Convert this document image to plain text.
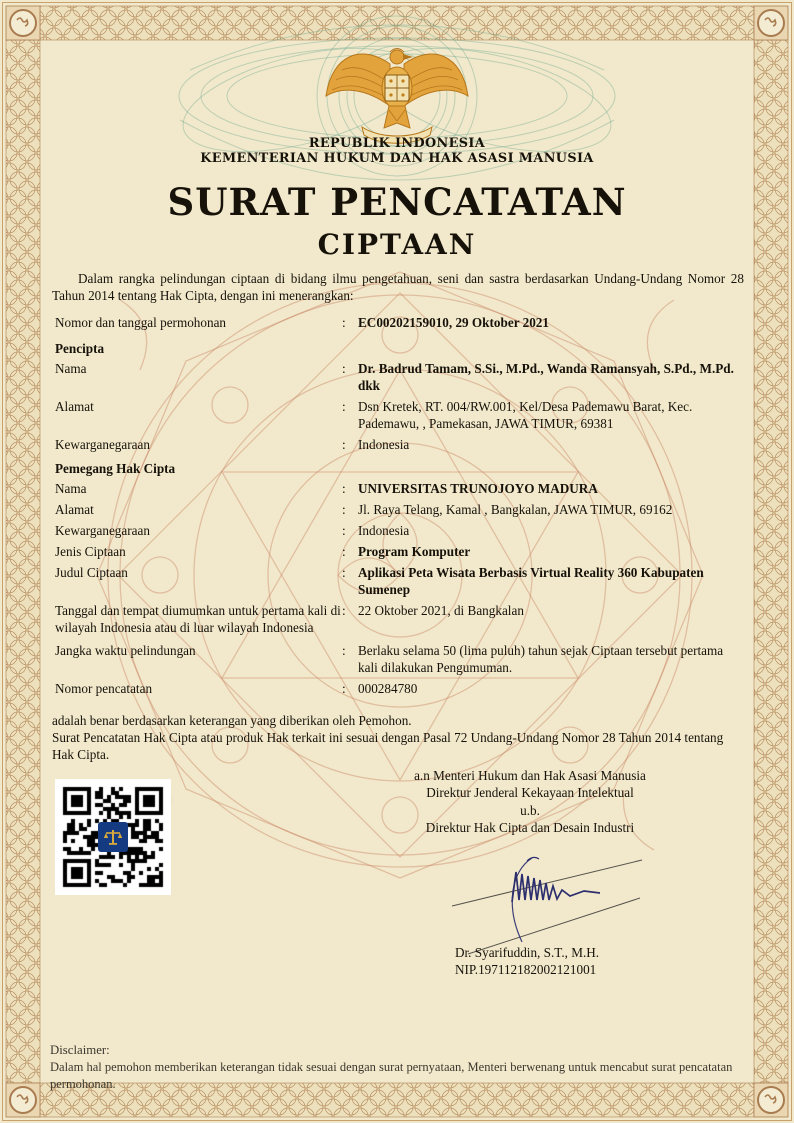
REPUBLIK INDONESIA
KEMENTERIAN HUKUM DAN HAK ASASI MANUSIA
SURAT PENCATATAN
CIPTAAN
Dalam rangka pelindungan ciptaan di bidang ilmu pengetahuan, seni dan sastra berdasarkan Undang-Undang Nomor 28 Tahun 2014 tentang Hak Cipta, dengan ini menerangkan:
Nomor dan tanggal permohonan	: EC00202159010, 29 Oktober 2021
Pencipta
Nama	: Dr. Badrud Tamam, S.Si., M.Pd., Wanda Ramansyah, S.Pd., M.Pd. dkk
Alamat	: Dsn Kretek, RT. 004/RW.001, Kel/Desa Pademawu Barat, Kec. Pademawu, , Pamekasan, JAWA TIMUR, 69381
Kewarganegaraan	: Indonesia
Pemegang Hak Cipta
Nama	: UNIVERSITAS TRUNOJOYO MADURA
Alamat	: Jl. Raya Telang, Kamal , Bangkalan, JAWA TIMUR, 69162
Kewarganegaraan	: Indonesia
Jenis Ciptaan	: Program Komputer
Judul Ciptaan	: Aplikasi Peta Wisata Berbasis Virtual Reality 360 Kabupaten Sumenep
Tanggal dan tempat diumumkan untuk pertama kali di wilayah Indonesia atau di luar wilayah Indonesia
: 22 Oktober 2021, di Bangkalan
Jangka waktu pelindungan	: Berlaku selama 50 (lima puluh) tahun sejak Ciptaan tersebut pertama kali dilakukan Pengumuman.
Nomor pencatatan	: 000284780
adalah benar berdasarkan keterangan yang diberikan oleh Pemohon.
Surat Pencatatan Hak Cipta atau produk Hak terkait ini sesuai dengan Pasal 72 Undang-Undang Nomor 28 Tahun 2014 tentang Hak Cipta.
a.n Menteri Hukum dan Hak Asasi Manusia
Direktur Jenderal Kekayaan Intelektual
u.b.
Direktur Hak Cipta dan Desain Industri
Dr. Syarifuddin, S.T., M.H.
NIP.197112182002121001
Disclaimer:
Dalam hal pemohon memberikan keterangan tidak sesuai dengan surat pernyataan, Menteri berwenang untuk mencabut surat pencatatan permohonan.
